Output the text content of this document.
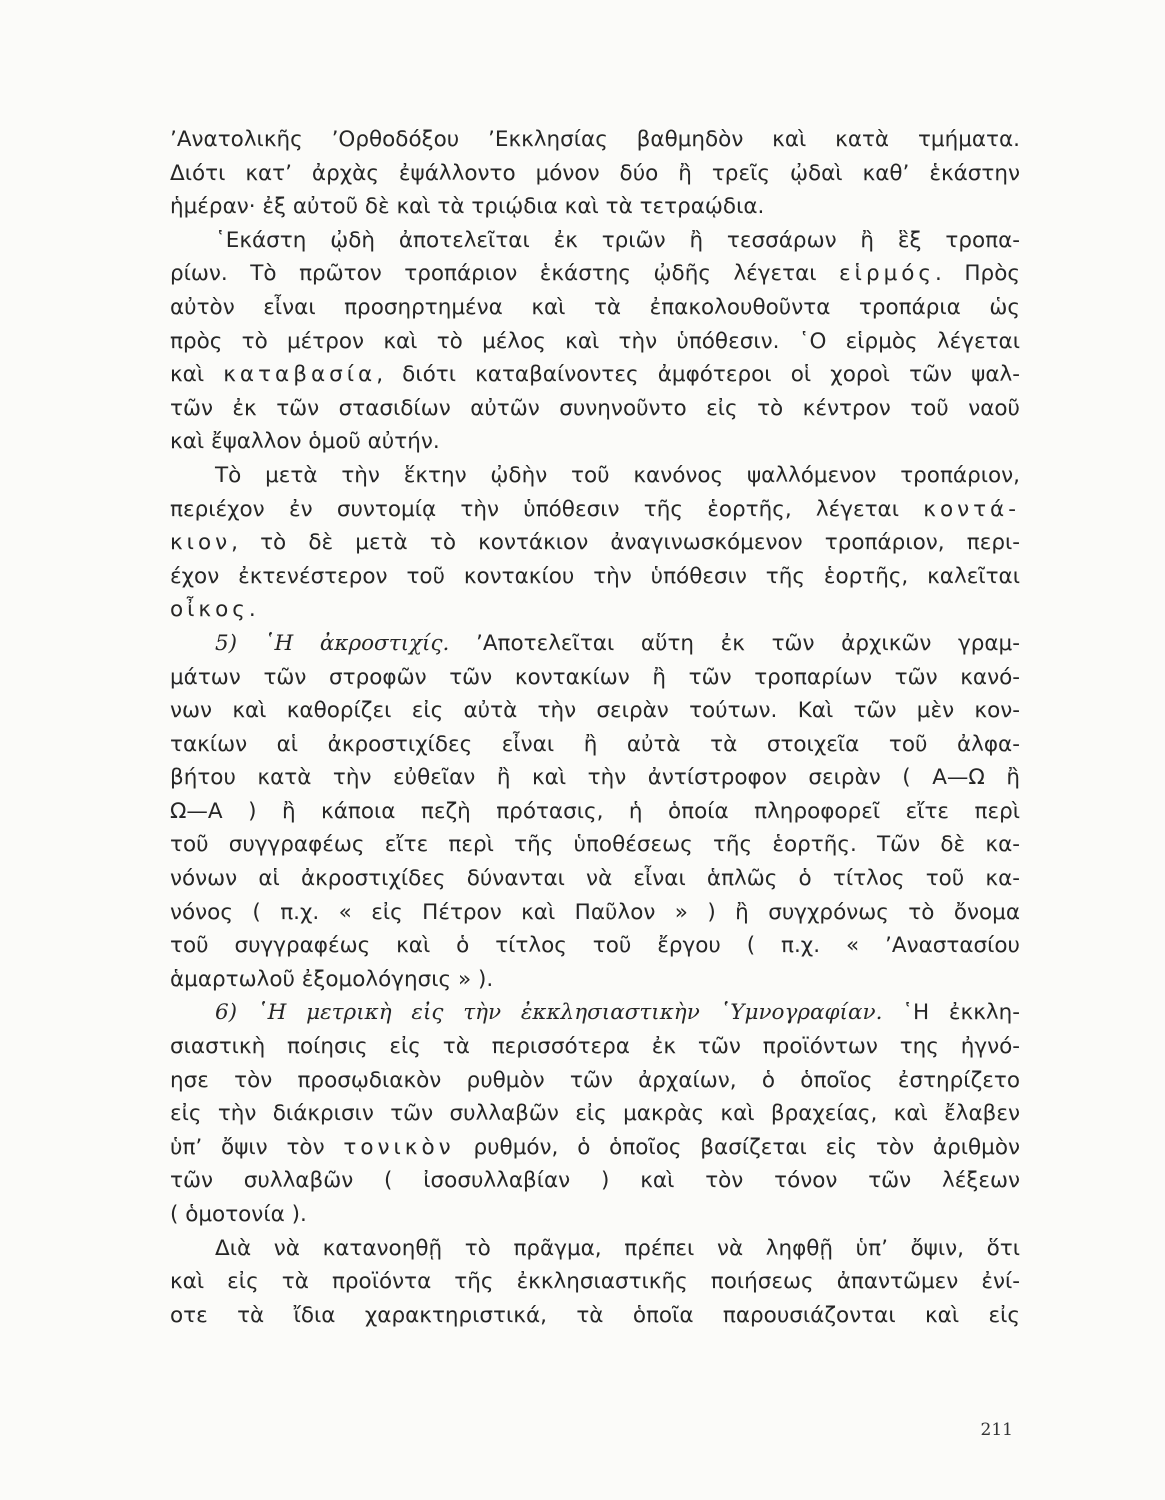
’Ανατολικῆς ’Ορθοδόξου ’Εκκλησίας βαθμηδὸν καὶ κατὰ τμήματα.
Διότι κατ’ ἀρχὰς ἐψάλλοντο μόνον δύο ἢ τρεῖς ᾠδαὶ καθ’ ἑκάστην
ἡμέραν· ἐξ αὐτοῦ δὲ καὶ τὰ τριῴδια καὶ τὰ τετραῴδια.
῾Εκάστη ᾠδὴ ἀποτελεῖται ἐκ τριῶν ἢ τεσσάρων ἢ ἓξ τροπα-
ρίων. Τὸ πρῶτον τροπάριον ἑκάστης ᾠδῆς λέγεται εἱρμός. Πρὸς
αὐτὸν εἶναι προσηρτημένα καὶ τὰ ἐπακολουθοῦντα τροπάρια ὡς
πρὸς τὸ μέτρον καὶ τὸ μέλος καὶ τὴν ὑπόθεσιν. ῾Ο εἱρμὸς λέγεται
καὶ καταβασία, διότι καταβαίνοντες ἀμφότεροι οἱ χοροὶ τῶν ψαλ-
τῶν ἐκ τῶν στασιδίων αὐτῶν συνηνοῦντο εἰς τὸ κέντρον τοῦ ναοῦ
καὶ ἔψαλλον ὁμοῦ αὐτήν.
Τὸ μετὰ τὴν ἕκτην ᾠδὴν τοῦ κανόνος ψαλλόμενον τροπάριον,
περιέχον ἐν συντομίᾳ τὴν ὑπόθεσιν τῆς ἑορτῆς, λέγεται κοντά-
κιον, τὸ δὲ μετὰ τὸ κοντάκιον ἀναγινωσκόμενον τροπάριον, περι-
έχον ἐκτενέστερον τοῦ κοντακίου τὴν ὑπόθεσιν τῆς ἑορτῆς, καλεῖται
οἶκος.
5) ῾Η ἀκροστιχίς. ’Αποτελεῖται αὕτη ἐκ τῶν ἀρχικῶν γραμ-
μάτων τῶν στροφῶν τῶν κοντακίων ἢ τῶν τροπαρίων τῶν κανό-
νων καὶ καθορίζει εἰς αὐτὰ τὴν σειρὰν τούτων. Καὶ τῶν μὲν κον-
τακίων αἱ ἀκροστιχίδες εἶναι ἢ αὐτὰ τὰ στοιχεῖα τοῦ ἀλφα-
βήτου κατὰ τὴν εὐθεῖαν ἢ καὶ τὴν ἀντίστροφον σειρὰν ( Α—Ω ἢ
Ω—Α ) ἢ κάποια πεζὴ πρότασις, ἡ ὁποία πληροφορεῖ εἴτε περὶ
τοῦ συγγραφέως εἴτε περὶ τῆς ὑποθέσεως τῆς ἑορτῆς. Τῶν δὲ κα-
νόνων αἱ ἀκροστιχίδες δύνανται νὰ εἶναι ἁπλῶς ὁ τίτλος τοῦ κα-
νόνος ( π.χ. « εἰς Πέτρον καὶ Παῦλον » ) ἢ συγχρόνως τὸ ὄνομα
τοῦ συγγραφέως καὶ ὁ τίτλος τοῦ ἔργου ( π.χ. « ’Αναστασίου
ἁμαρτωλοῦ ἐξομολόγησις » ).
6) ῾Η μετρικὴ εἰς τὴν ἐκκλησιαστικὴν ῾Υμνογραφίαν. ῾Η ἐκκλη-
σιαστικὴ ποίησις εἰς τὰ περισσότερα ἐκ τῶν προϊόντων της ἠγνό-
ησε τὸν προσῳδιακὸν ρυθμὸν τῶν ἀρχαίων, ὁ ὁποῖος ἐστηρίζετο
εἰς τὴν διάκρισιν τῶν συλλαβῶν εἰς μακρὰς καὶ βραχείας, καὶ ἔλαβεν
ὑπ’ ὄψιν τὸν τονικὸν ρυθμόν, ὁ ὁποῖος βασίζεται εἰς τὸν ἀριθμὸν
τῶν συλλαβῶν ( ἰσοσυλλαβίαν ) καὶ τὸν τόνον τῶν λέξεων
( ὁμοτονία ).
Διὰ νὰ κατανοηθῇ τὸ πρᾶγμα, πρέπει νὰ ληφθῇ ὑπ’ ὄψιν, ὅτι
καὶ εἰς τὰ προϊόντα τῆς ἐκκλησιαστικῆς ποιήσεως ἀπαντῶμεν ἐνί-
οτε τὰ ἴδια χαρακτηριστικά, τὰ ὁποῖα παρουσιάζονται καὶ εἰς
211
